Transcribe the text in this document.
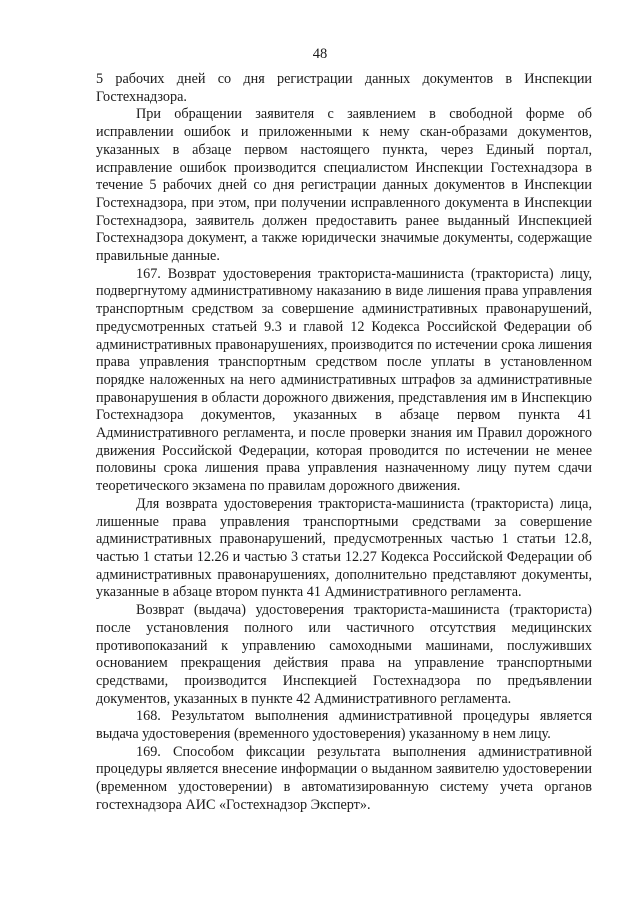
48

5 рабочих дней со дня регистрации данных документов в Инспекции Гостехнадзора.

При обращении заявителя с заявлением в свободной форме об исправлении ошибок и приложенными к нему скан-образами документов, указанных в абзаце первом настоящего пункта, через Единый портал, исправление ошибок производится специалистом Инспекции Гостехнадзора в течение 5 рабочих дней со дня регистрации данных документов в Инспекции Гостехнадзора, при этом, при получении исправленного документа в Инспекции Гостехнадзора, заявитель должен предоставить ранее выданный Инспекцией Гостехнадзора документ, а также юридически значимые документы, содержащие правильные данные.

167. Возврат удостоверения тракториста-машиниста (тракториста) лицу, подвергнутому административному наказанию в виде лишения права управления транспортным средством за совершение административных правонарушений, предусмотренных статьей 9.3 и главой 12 Кодекса Российской Федерации об административных правонарушениях, производится по истечении срока лишения права управления транспортным средством после уплаты в установленном порядке наложенных на него административных штрафов за административные правонарушения в области дорожного движения, представления им в Инспекцию Гостехнадзора документов, указанных в абзаце первом пункта 41 Административного регламента, и после проверки знания им Правил дорожного движения Российской Федерации, которая проводится по истечении не менее половины срока лишения права управления назначенному лицу путем сдачи теоретического экзамена по правилам дорожного движения.

Для возврата удостоверения тракториста-машиниста (тракториста) лица, лишенные права управления транспортными средствами за совершение административных правонарушений, предусмотренных частью 1 статьи 12.8, частью 1 статьи 12.26 и частью 3 статьи 12.27 Кодекса Российской Федерации об административных правонарушениях, дополнительно представляют документы, указанные в абзаце втором пункта 41 Административного регламента.

Возврат (выдача) удостоверения тракториста-машиниста (тракториста) после установления полного или частичного отсутствия медицинских противопоказаний к управлению самоходными машинами, послуживших основанием прекращения действия права на управление транспортными средствами, производится Инспекцией Гостехнадзора по предъявлении документов, указанных в пункте 42 Административного регламента.

168. Результатом выполнения административной процедуры является выдача удостоверения (временного удостоверения) указанному в нем лицу.

169. Способом фиксации результата выполнения административной процедуры является внесение информации о выданном заявителю удостоверении (временном удостоверении) в автоматизированную систему учета органов гостехнадзора АИС «Гостехнадзор Эксперт».
